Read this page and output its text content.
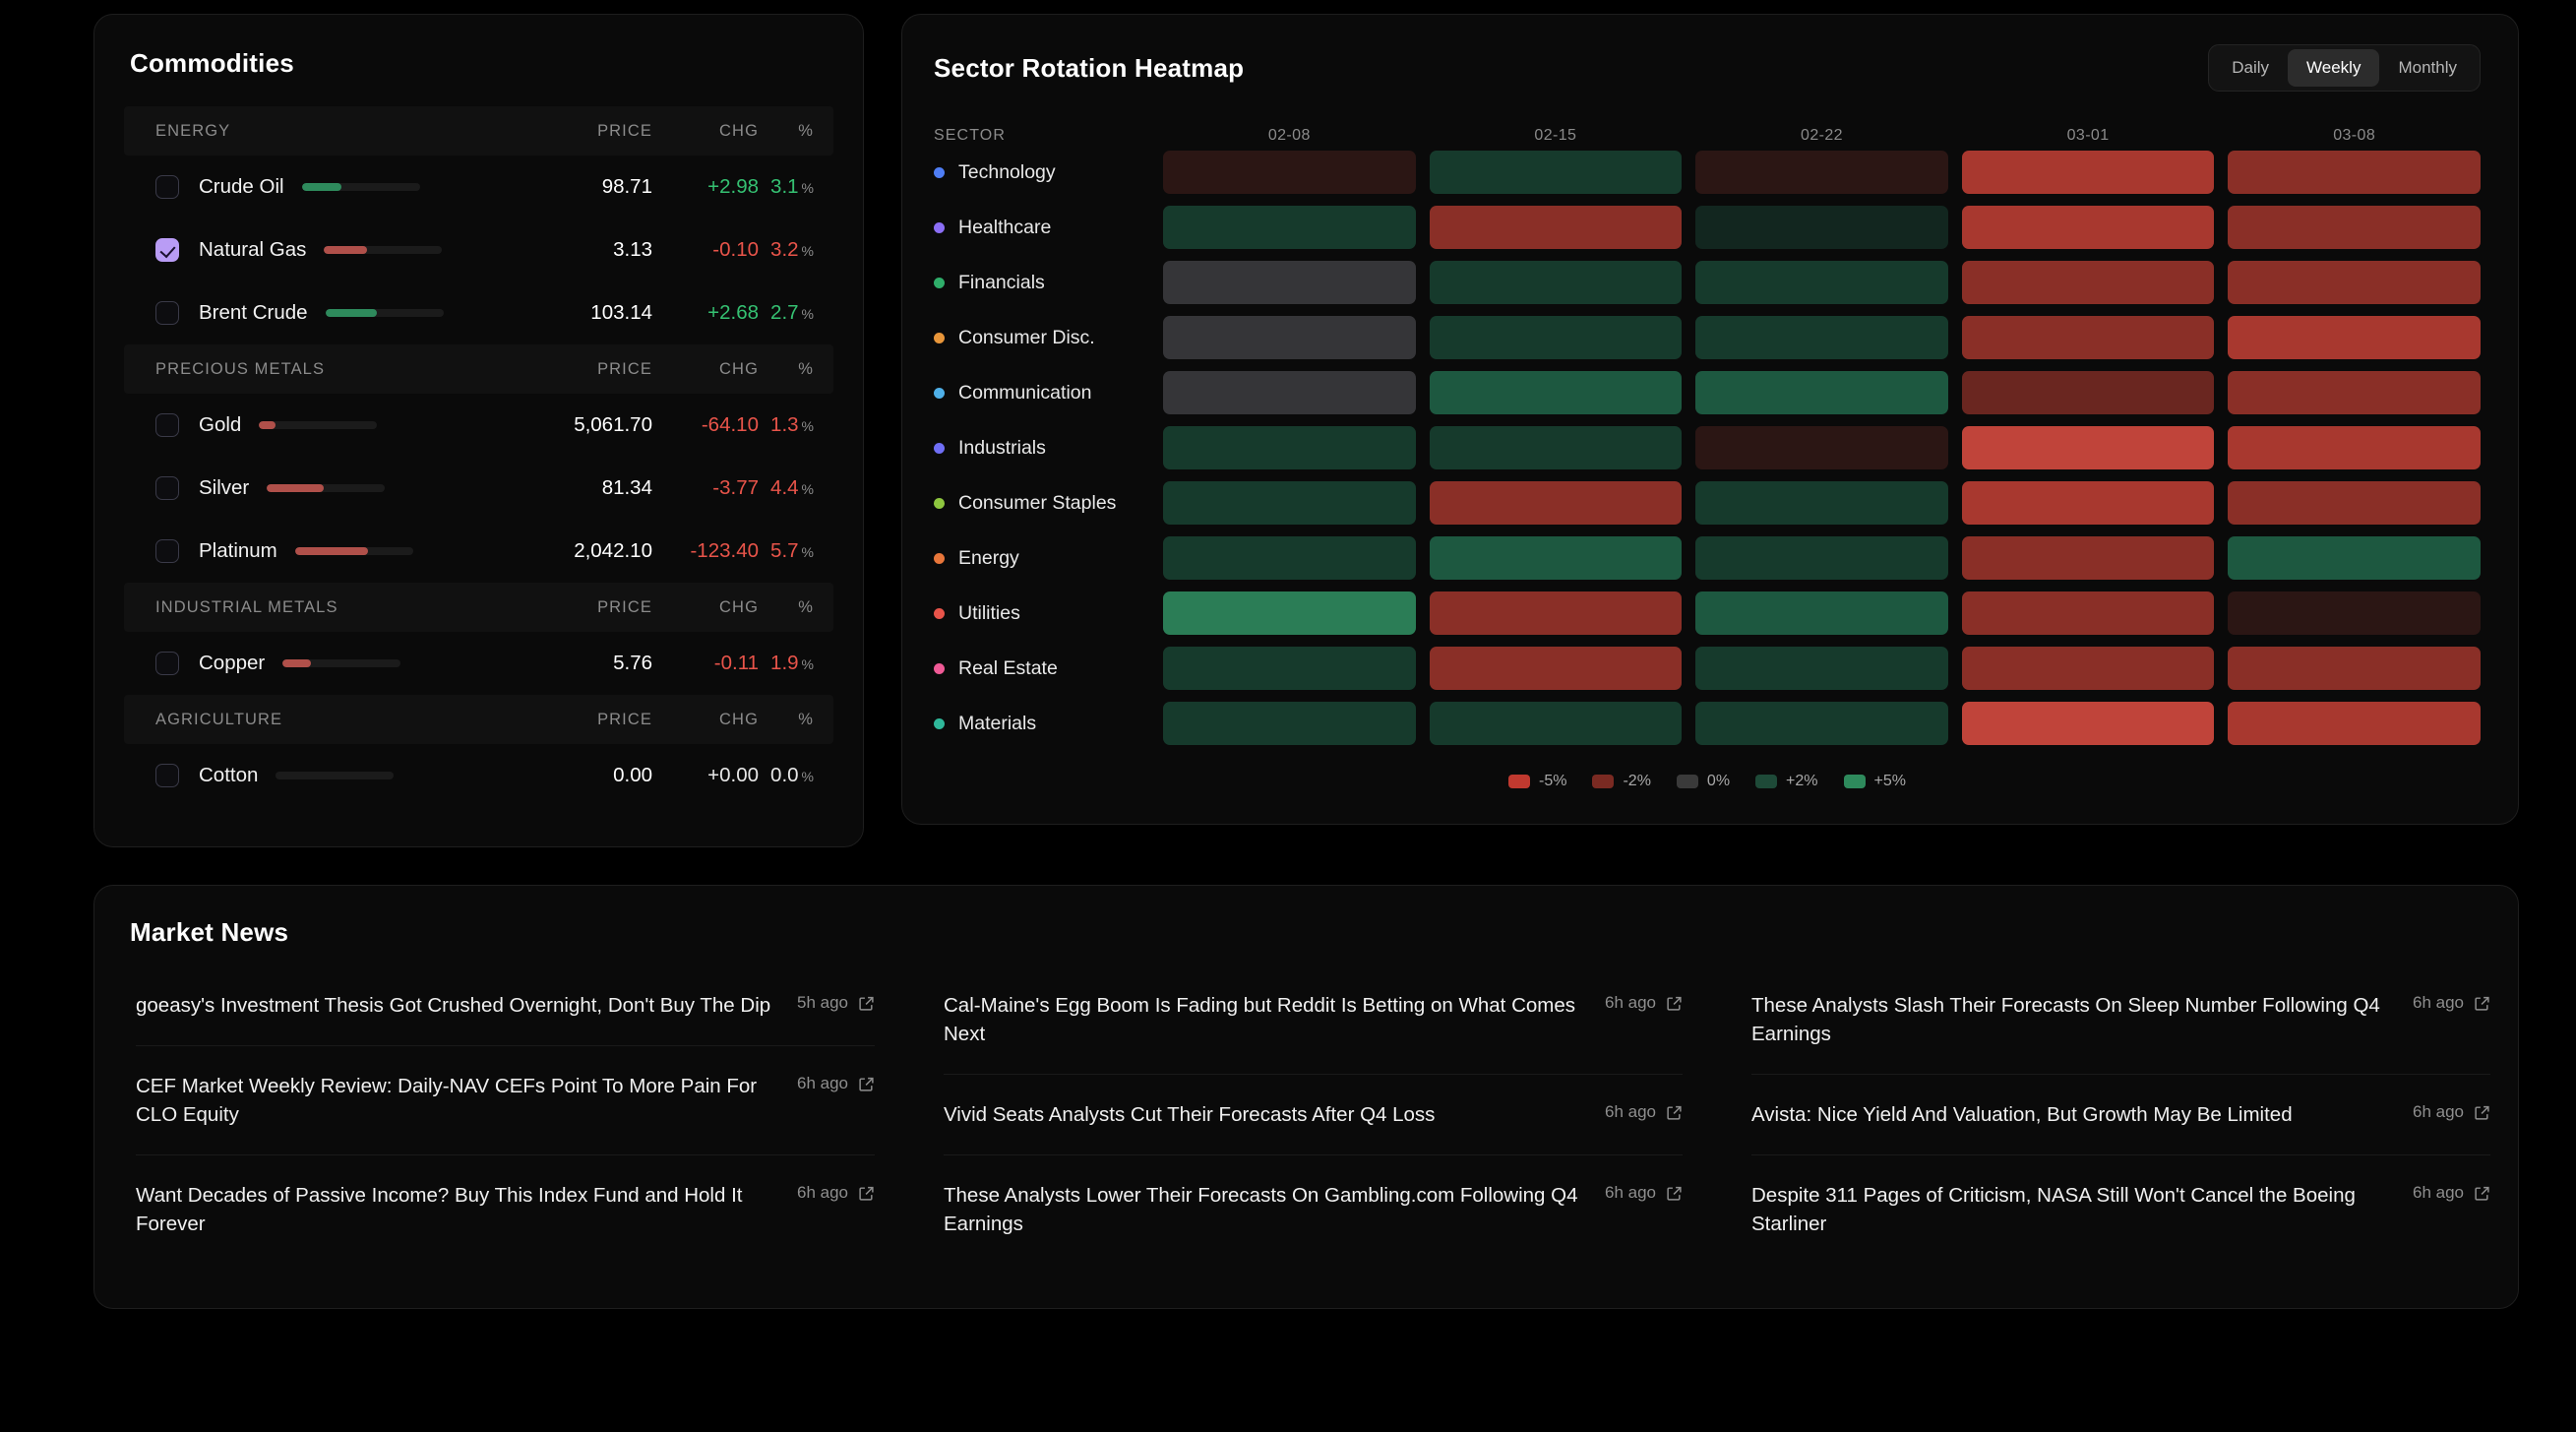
Commodities
ENERGY	PRICE	CHG	%
Crude Oil	98.71	+2.98 3.1 %
Natural Gas	3.13	-0.10 3.2 %
Brent Crude	103.14	+2.68 2.7 %
PRECIOUS METALS	PRICE	CHG	%
Gold	5,061.70	-64.10 1.3 %
Silver	81.34	-3.77 4.4 %
Platinum	2,042.10	-123.40 5.7 %
INDUSTRIAL METALS	PRICE	CHG	%
Copper	5.76	-0.11 1.9 %
AGRICULTURE	PRICE	CHG	%
Cotton	0.00	+0.00 0.0 %
Sector Rotation Heatmap	Daily	Weekly	Monthly
SECTOR	02-08	02-15	02-22	03-01	03-08
Technology
Healthcare
Financials
Consumer Disc.
Communication
Industrials
Consumer Staples
Energy
Utilities
Real Estate
Materials
-5%	-2%	0%	+2%	+5%
Market News
goeasy's Investment Thesis Got Crushed Overnight, Don't Buy The Dip	5h ago
CEF Market Weekly Review: Daily-NAV CEFs Point To More Pain For CLO Equity
6h ago
Want Decades of Passive Income? Buy This Index Fund and Hold It Forever
6h ago
Cal-Maine's Egg Boom Is Fading but Reddit Is Betting on What Comes Next
6h ago
Vivid Seats Analysts Cut Their Forecasts After Q4 Loss	6h ago
These Analysts Lower Their Forecasts On Gambling.com Following Q4 Earnings
6h ago
These Analysts Slash Their Forecasts On Sleep Number Following Q4 Earnings
6h ago
Avista: Nice Yield And Valuation, But Growth May Be Limited	6h ago
Despite 311 Pages of Criticism, NASA Still Won't Cancel the Boeing Starliner
6h ago
